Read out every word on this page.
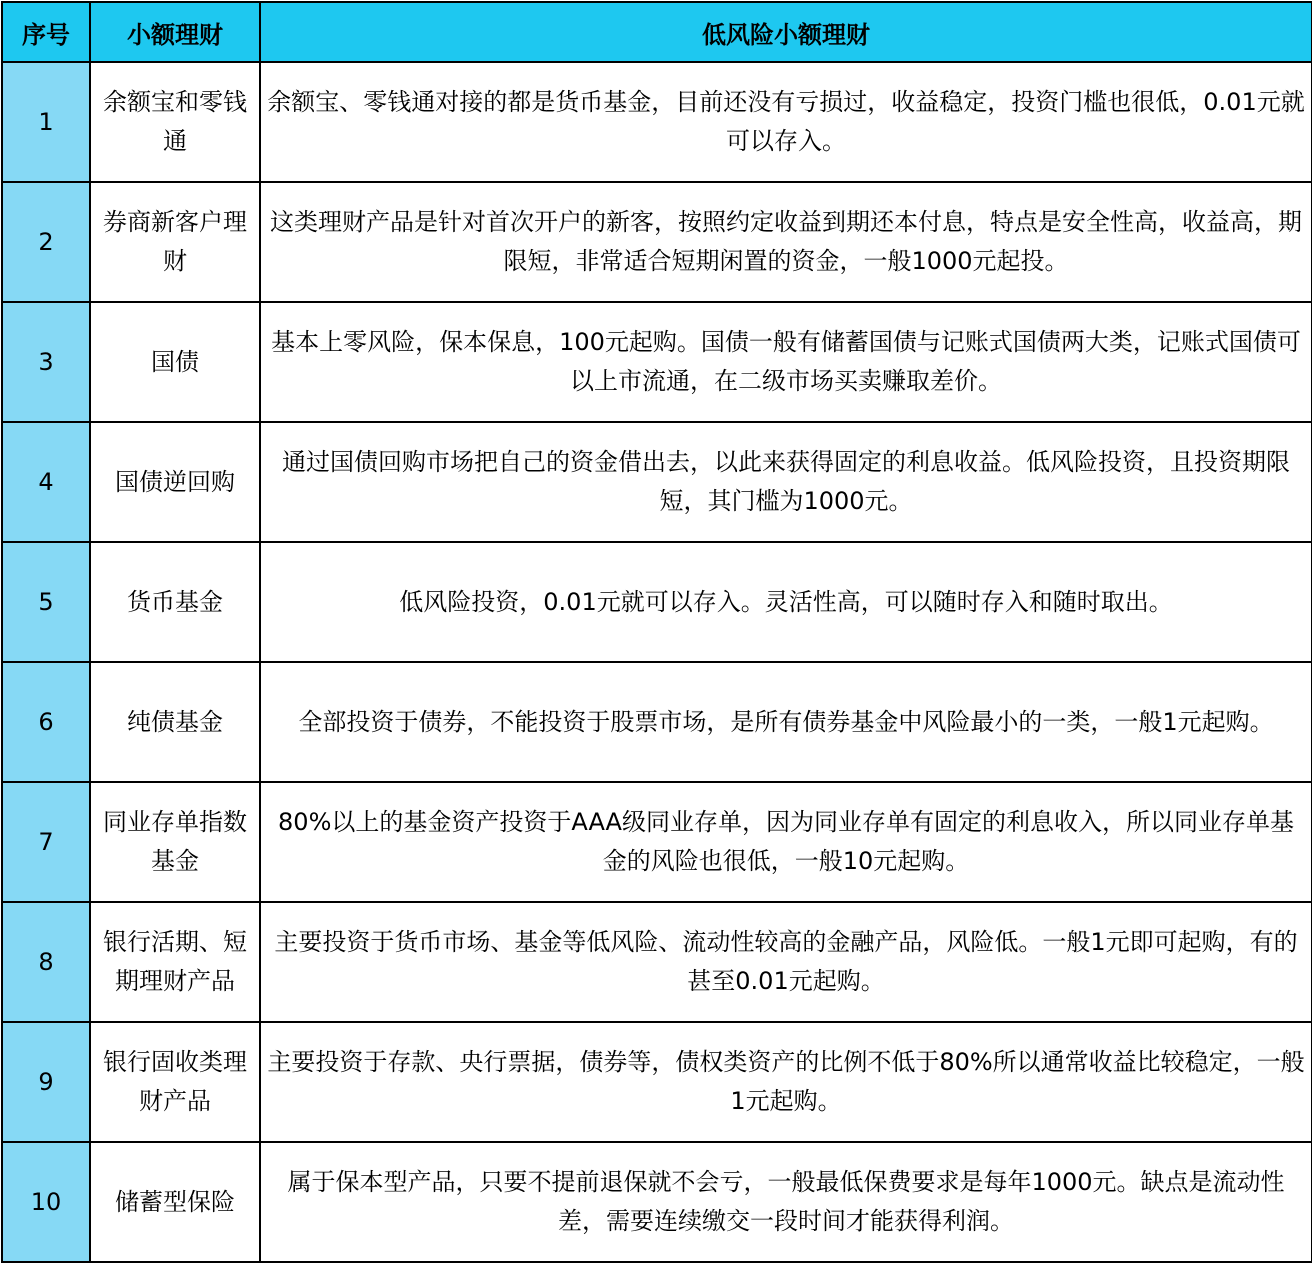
序号	小额理财	低风险小额理财
1	余额宝和零钱通	余额宝、零钱通对接的都是货币基金，目前还没有亏损过，收益稳定，投资门槛也很低，0.01元就可以存入。
2	券商新客户理财	这类理财产品是针对首次开户的新客，按照约定收益到期还本付息，特点是安全性高，收益高，期限短，非常适合短期闲置的资金，一般1000元起投。
3	国债	基本上零风险，保本保息，100元起购。国债一般有储蓄国债与记账式国债两大类，记账式国债可以上市流通，在二级市场买卖赚取差价。
4	国债逆回购	通过国债回购市场把自己的资金借出去，以此来获得固定的利息收益。低风险投资，且投资期限短，其门槛为1000元。
5	货币基金	低风险投资，0.01元就可以存入。灵活性高，可以随时存入和随时取出。
6	纯债基金	全部投资于债券，不能投资于股票市场，是所有债券基金中风险最小的一类，一般1元起购。
7	同业存单指数基金	80%以上的基金资产投资于AAA级同业存单，因为同业存单有固定的利息收入，所以同业存单基金的风险也很低，一般10元起购。
8	银行活期、短期理财产品	主要投资于货币市场、基金等低风险、流动性较高的金融产品，风险低。一般1元即可起购，有的甚至0.01元起购。
9	银行固收类理财产品	主要投资于存款、央行票据，债券等，债权类资产的比例不低于80%所以通常收益比较稳定，一般1元起购。
10	储蓄型保险	属于保本型产品，只要不提前退保就不会亏，一般最低保费要求是每年1000元。缺点是流动性差，需要连续缴交一段时间才能获得利润。
